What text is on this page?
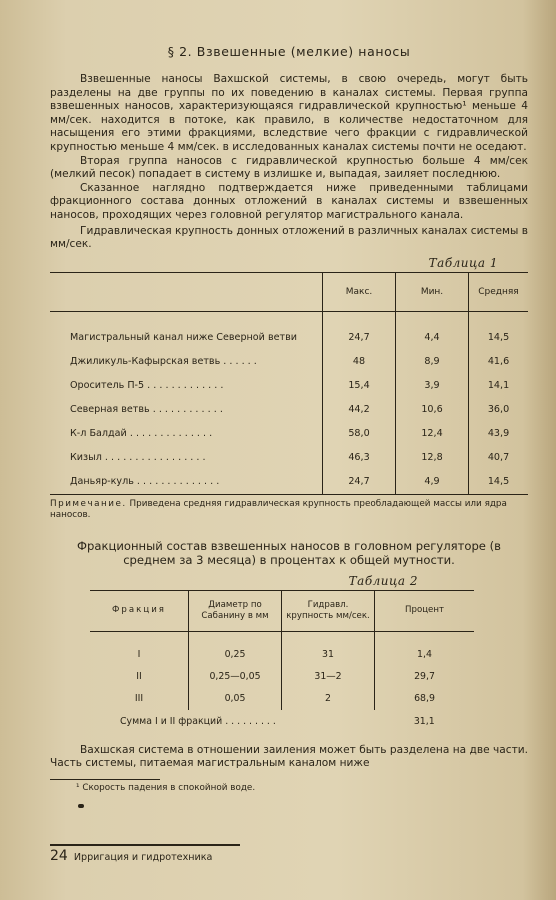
§ 2. Взвешенные (мелкие) наносы

Взвешенные наносы Вахшской системы, в свою очередь, могут быть разделены на две группы по их поведению в каналах системы. Первая группа взвешенных наносов, характеризующаяся гидравлической крупностью¹ меньше 4 мм/сек. находится в потоке, как правило, в количестве недостаточном для насыщения его этими фракциями, вследствие чего фракции с гидравлической крупностью меньше 4 мм/сек. в исследованных каналах системы почти не оседают.

Вторая группа наносов с гидравлической крупностью больше 4 мм/сек (мелкий песок) попадает в систему в излишке и, выпадая, заиляет последнюю.

Сказанное наглядно подтверждается ниже приведенными таблицами фракционного состава донных отложений в каналах системы и взвешенных наносов, проходящих через головной регулятор магистрального канала.

Гидравлическая крупность донных отложений в различных каналах системы в мм/сек.

Таблица 1
	Макс.	Мин.	Средняя

Магистральный канал ниже Северной ветви	24,7	4,4	14,5
Джиликуль-Кафырская ветвь . . . . . .	48	8,9	41,6
Ороситель П-5 . . . . . . . . . . . . .	15,4	3,9	14,1
Северная ветвь . . . . . . . . . . . .	44,2	10,6	36,0
К-л Балдай . . . . . . . . . . . . . .	58,0	12,4	43,9
Кизыл . . . . . . . . . . . . . . . . .	46,3	12,8	40,7
Даньяр-куль . . . . . . . . . . . . . .	24,7	4,9	14,5
Примечание. Приведена средняя гидравлическая крупность преобладающей массы или ядра наносов.
Фракционный состав взвешенных наносов в головном регуляторе (в среднем за 3 месяца) в процентах к общей мутности.
Таблица 2
Фракция	Диаметр по Сабанину в мм	Гидравл. крупность мм/сек.	Процент

I	0,25	31	1,4
II	0,25—0,05	31—2	29,7
III	0,05	2	68,9
Сумма I и II фракций . . . . . . . . .			31,1

Вахшская система в отношении заиления может быть разделена на две части. Часть системы, питаемая магистральным каналом ниже

¹ Скорость падения в спокойной воде.
24 Ирригация и гидротехника
